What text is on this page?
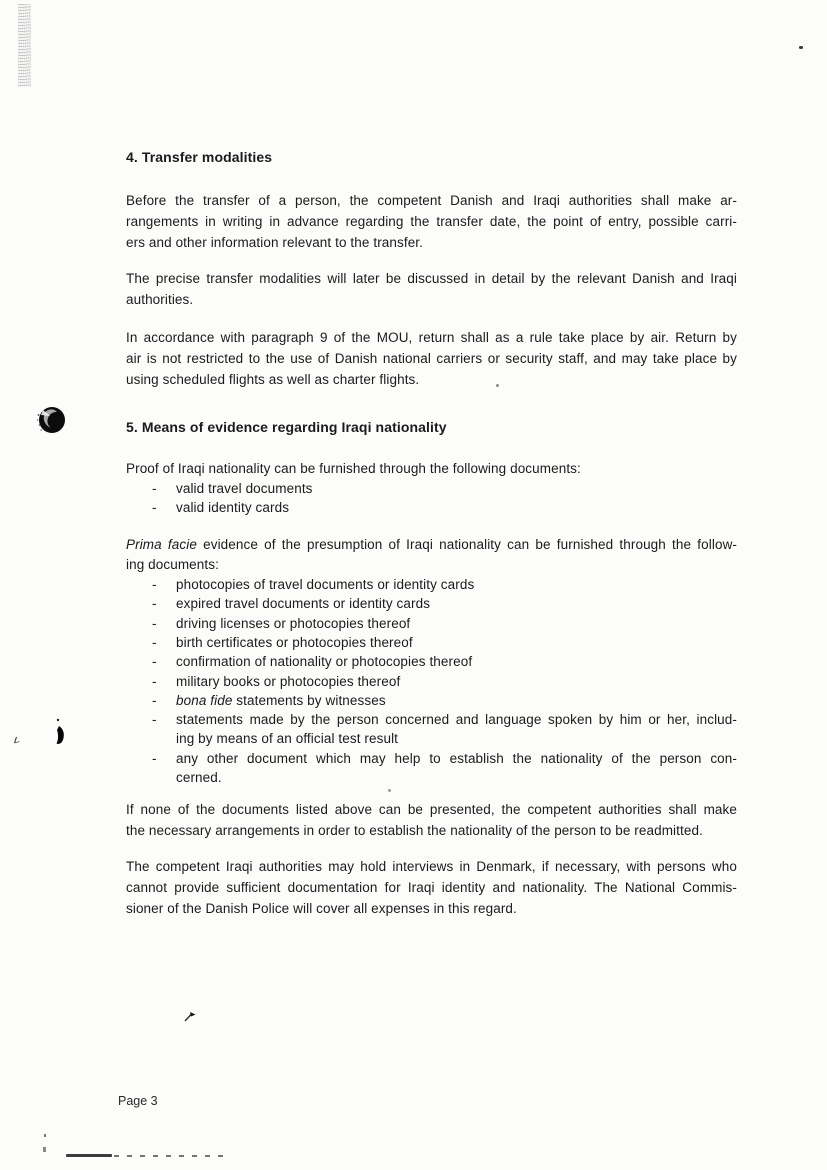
4. Transfer modalities
Before the transfer of a person, the competent Danish and Iraqi authorities shall make ar-
rangements in writing in advance regarding the transfer date, the point of entry, possible carri-
ers and other information relevant to the transfer.
The precise transfer modalities will later be discussed in detail by the relevant Danish and Iraqi
authorities.
In accordance with paragraph 9 of the MOU, return shall as a rule take place by air. Return by
air is not restricted to the use of Danish national carriers or security staff, and may take place by
using scheduled flights as well as charter flights.
5. Means of evidence regarding Iraqi nationality
Proof of Iraqi nationality can be furnished through the following documents:
- valid travel documents
- valid identity cards
Prima facie evidence of the presumption of Iraqi nationality can be furnished through the follow-
ing documents:
- photocopies of travel documents or identity cards
- expired travel documents or identity cards
- driving licenses or photocopies thereof
- birth certificates or photocopies thereof
- confirmation of nationality or photocopies thereof
- military books or photocopies thereof
- bona fide statements by witnesses
- statements made by the person concerned and language spoken by him or her, includ-
ing by means of an official test result
- any other document which may help to establish the nationality of the person con-
cerned.
If none of the documents listed above can be presented, the competent authorities shall make
the necessary arrangements in order to establish the nationality of the person to be readmitted.
The competent Iraqi authorities may hold interviews in Denmark, if necessary, with persons who
cannot provide sufficient documentation for Iraqi identity and nationality. The National Commis-
sioner of the Danish Police will cover all expenses in this regard.
Page 3
